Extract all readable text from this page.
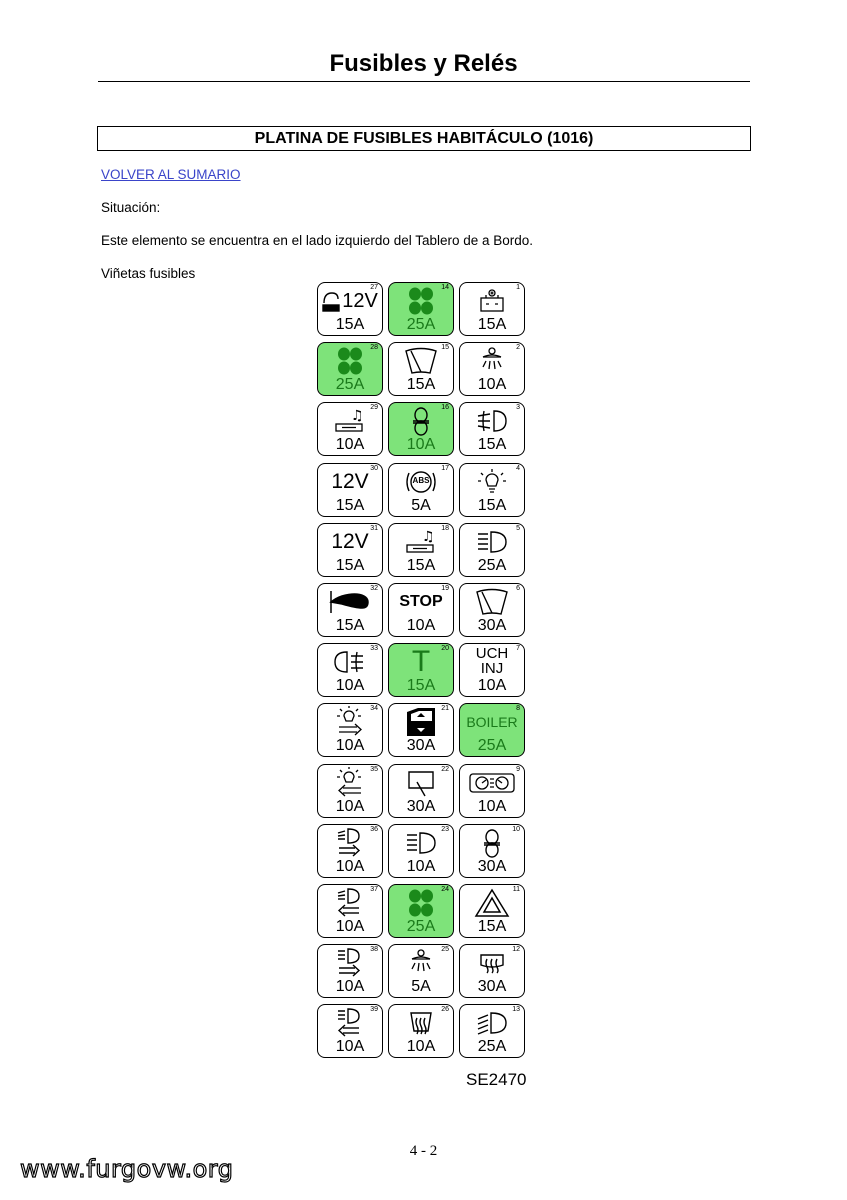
Fusibles y Relés
PLATINA DE FUSIBLES HABITÁCULO (1016)
VOLVER AL SUMARIO
Situación:
Este elemento se encuentra en el lado izquierdo del Tablero de a Bordo.
Viñetas fusibles
27
12V
15A
14
25A
1
15A
28
25A
15
15A
2
10A
29
♫
10A
16
10A
3
15A
30
12V
15A
17
ABS
5A
4
15A
31
12V
15A
18
♫
15A
5
25A
32
15A
19
STOP
10A
6
30A
33
10A
20
T
15A
7
UCH
INJ
10A
34
10A
21
30A
8
BOILER
25A
35
10A
22
30A
9
10A
36
10A
23
10A
10
30A
37
10A
24
25A
11
15A
38
10A
25
5A
12
30A
39
10A
26
10A
13
25A
SE2470
4 - 2
www.furgovw.org
